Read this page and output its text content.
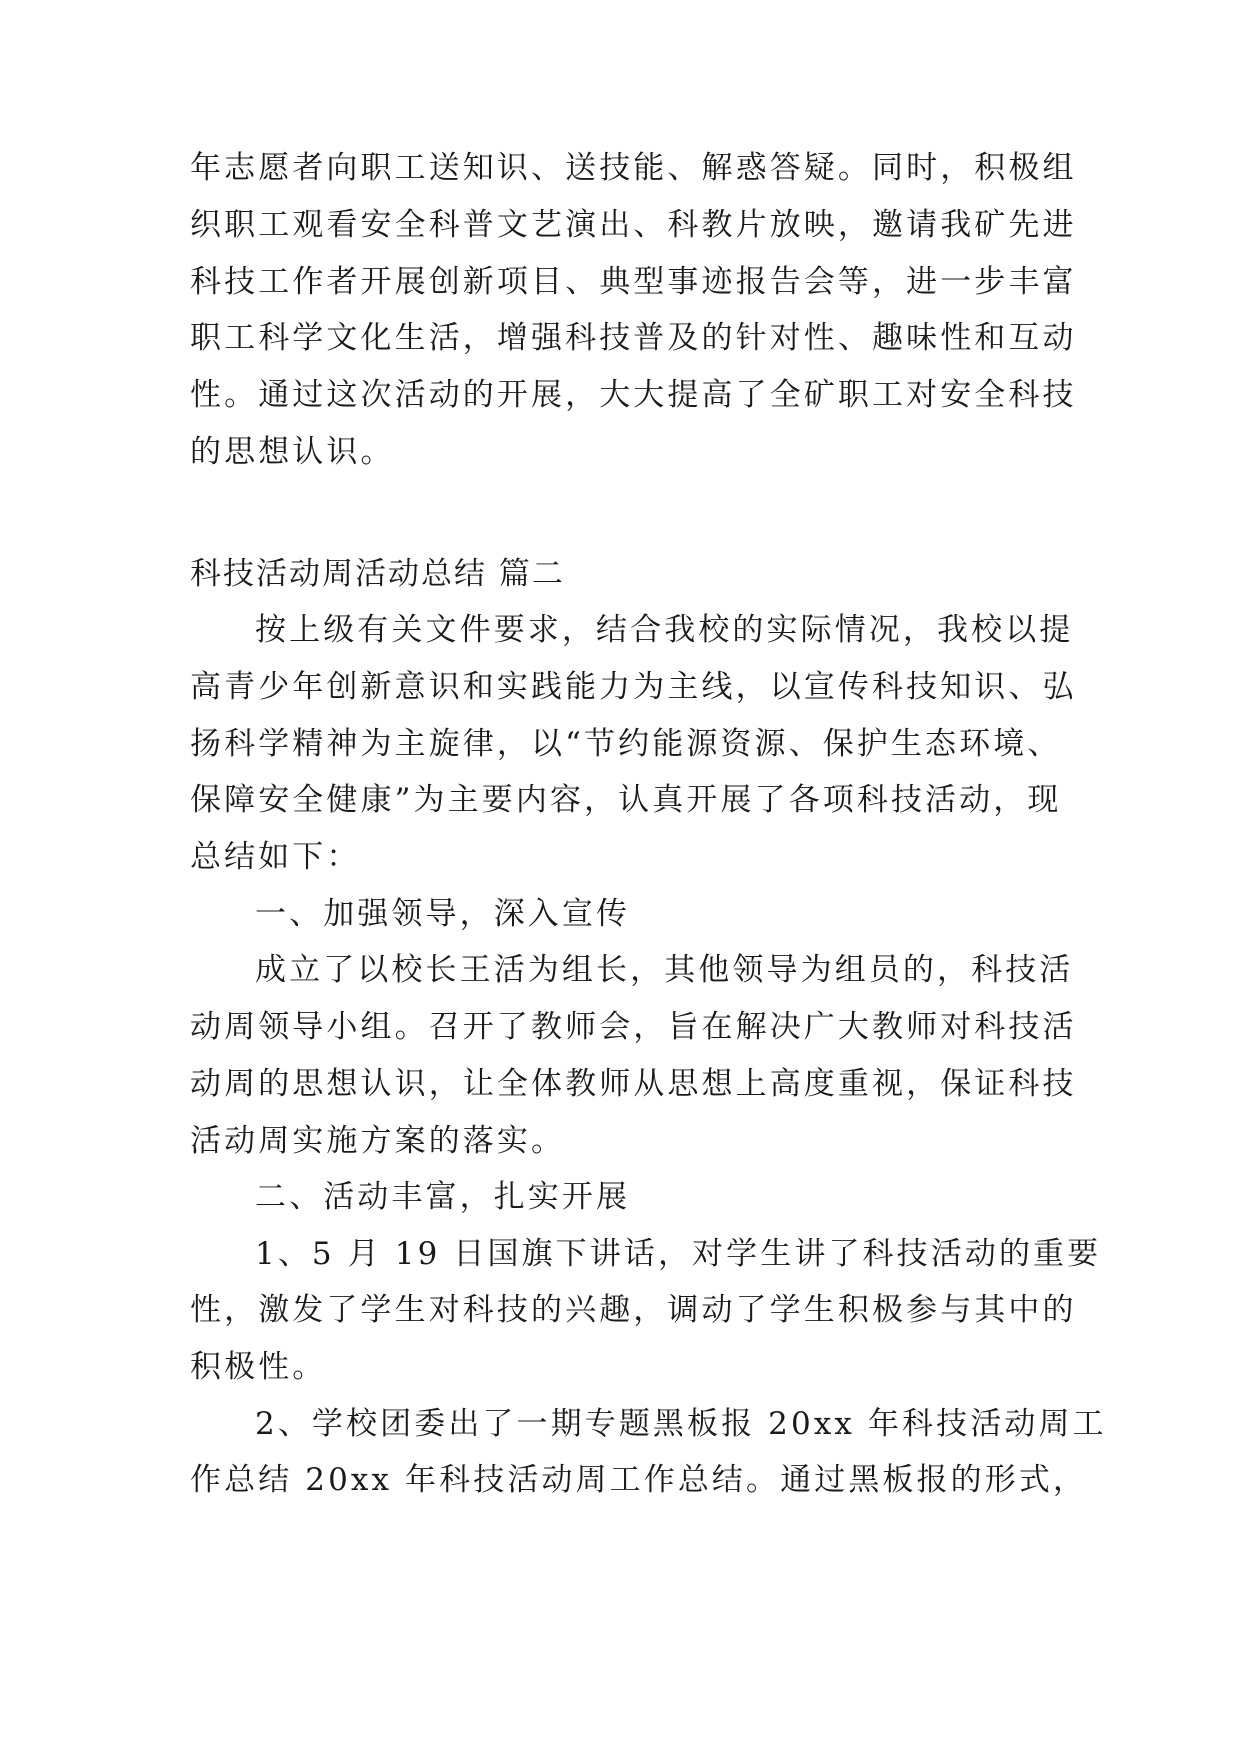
年志愿者向职工送知识、送技能、解惑答疑。同时，积极组
织职工观看安全科普文艺演出、科教片放映，邀请我矿先进
科技工作者开展创新项目、典型事迹报告会等，进一步丰富
职工科学文化生活，增强科技普及的针对性、趣味性和互动
性。通过这次活动的开展，大大提高了全矿职工对安全科技
的思想认识。
科技活动周活动总结 篇二
按上级有关文件要求，结合我校的实际情况，我校以提
高青少年创新意识和实践能力为主线，以宣传科技知识、弘
扬科学精神为主旋律，以“节约能源资源、保护生态环境、
保障安全健康”为主要内容，认真开展了各项科技活动，现
总结如下：
一、加强领导，深入宣传
成立了以校长王活为组长，其他领导为组员的，科技活
动周领导小组。召开了教师会，旨在解决广大教师对科技活
动周的思想认识，让全体教师从思想上高度重视，保证科技
活动周实施方案的落实。
二、活动丰富，扎实开展
1、5 月 19 日国旗下讲话，对学生讲了科技活动的重要
性，激发了学生对科技的兴趣，调动了学生积极参与其中的
积极性。
2、学校团委出了一期专题黑板报 20xx 年科技活动周工
作总结 20xx 年科技活动周工作总结。通过黑板报的形式，
